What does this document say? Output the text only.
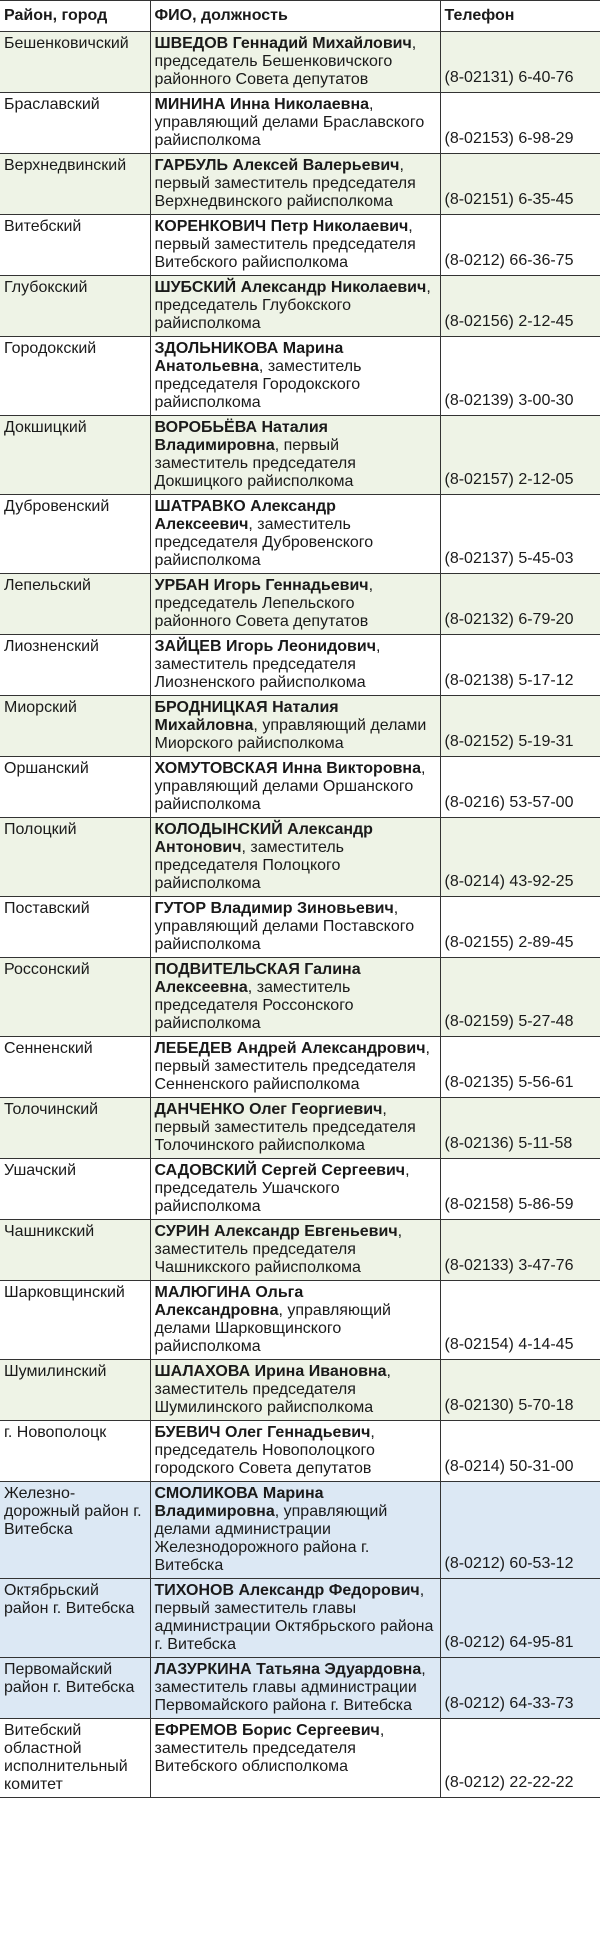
Район, город	ФИО, должность	Телефон
Бешенковичский	ШВЕДОВ Геннадий Михайлович, председатель Бешенковичского районного Совета депутатов	(8-02131) 6-40-76
Браславский	МИНИНА Инна Николаевна, управляющий делами Браславского райисполкома	(8-02153) 6-98-29
Верхнедвинский	ГАРБУЛЬ Алексей Валерьевич, первый заместитель председателя Верхнедвинского райисполкома	(8-02151) 6-35-45
Витебский	КОРЕНКОВИЧ Петр Николаевич, первый заместитель председателя Витебского райисполкома	(8-0212) 66-36-75
Глубокский	ШУБСКИЙ Александр Николаевич, председатель Глубокского райисполкома	(8-02156) 2-12-45
Городокский	ЗДОЛЬНИКОВА Марина Анатольевна, заместитель председателя Городокского райисполкома	(8-02139) 3-00-30
Докшицкий	ВОРОБЬЁВА Наталия Владимировна, первый заместитель председателя Докшицкого райисполкома	(8-02157) 2-12-05
Дубровенский	ШАТРАВКО Александр Алексеевич, заместитель председателя Дубровенского райисполкома	(8-02137) 5-45-03
Лепельский	УРБАН Игорь Геннадьевич, председатель Лепельского районного Совета депутатов	(8-02132) 6-79-20
Лиозненский	ЗАЙЦЕВ Игорь Леонидович, заместитель председателя Лиозненского райисполкома	(8-02138) 5-17-12
Миорский	БРОДНИЦКАЯ Наталия Михайловна, управляющий делами Миорского райисполкома	(8-02152) 5-19-31
Оршанский	ХОМУТОВСКАЯ Инна Викторовна, управляющий делами Оршанского райисполкома	(8-0216) 53-57-00
Полоцкий	КОЛОДЫНСКИЙ Александр Антонович, заместитель председателя Полоцкого райисполкома	(8-0214) 43-92-25
Поставский	ГУТОР Владимир Зиновьевич, управляющий делами Поставского райисполкома	(8-02155) 2-89-45
Россонский	ПОДВИТЕЛЬСКАЯ Галина Алексеевна, заместитель председателя Россонского райисполкома	(8-02159) 5-27-48
Сенненский	ЛЕБЕДЕВ Андрей Александрович, первый заместитель председателя Сенненского райисполкома	(8-02135) 5-56-61
Толочинский	ДАНЧЕНКО Олег Георгиевич, первый заместитель председателя Толочинского райисполкома	(8-02136) 5-11-58
Ушачский	САДОВСКИЙ Сергей Сергеевич, председатель Ушачского райисполкома	(8-02158) 5-86-59
Чашникский	СУРИН Александр Евгеньевич, заместитель председателя Чашникского райисполкома	(8-02133) 3-47-76
Шарковщинский	МАЛЮГИНА Ольга Александровна, управляющий делами Шарковщинского райисполкома	(8-02154) 4-14-45
Шумилинский	ШАЛАХОВА Ирина Ивановна, заместитель председателя Шумилинского райисполкома	(8-02130) 5-70-18
г. Новополоцк	БУЕВИЧ Олег Геннадьевич, председатель Новополоцкого городского Совета депутатов	(8-0214) 50-31-00
Железно-дорожный район г. Витебска	СМОЛИКОВА Марина Владимировна, управляющий делами администрации Железнодорожного района г. Витебска	(8-0212) 60-53-12
Октябрьский район г. Витебска	ТИХОНОВ Александр Федорович, первый заместитель главы администрации Октябрьского района г. Витебска	(8-0212) 64-95-81
Первомайский район г. Витебска	ЛАЗУРКИНА Татьяна Эдуардовна, заместитель главы администрации Первомайского района г. Витебска	(8-0212) 64-33-73
Витебский областной исполнительный комитет	ЕФРЕМОВ Борис Сергеевич, заместитель председателя Витебского облисполкома	(8-0212) 22-22-22
